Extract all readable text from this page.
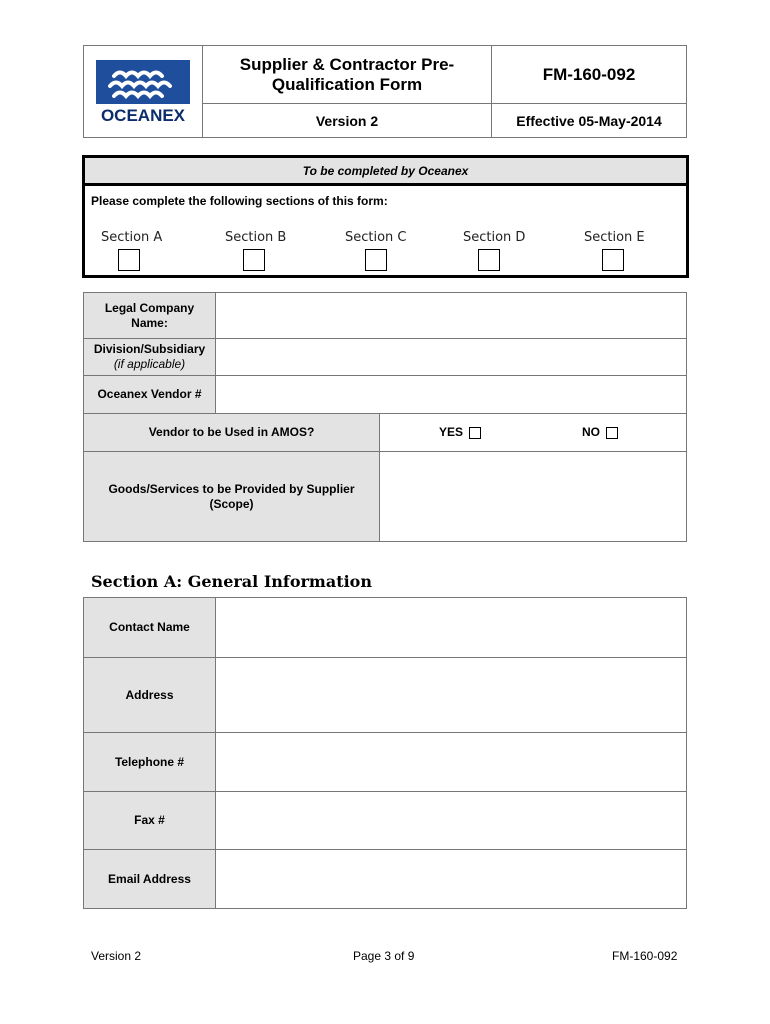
OCEANEX
Supplier & Contractor Pre-Qualification Form
FM-160-092
Version 2	Effective 05-May-2014
To be completed by Oceanex
Please complete the following sections of this form:
Section A	Section B	Section C	Section D	Section E
Legal Company Name:
Division/Subsidiary
(if applicable)
Oceanex Vendor #
Vendor to be Used in AMOS?	YES	NO
Goods/Services to be Provided by Supplier (Scope)
Section A: General Information
Contact Name
Address
Telephone #
Fax #
Email Address
Version 2	Page 3 of 9	FM-160-092
